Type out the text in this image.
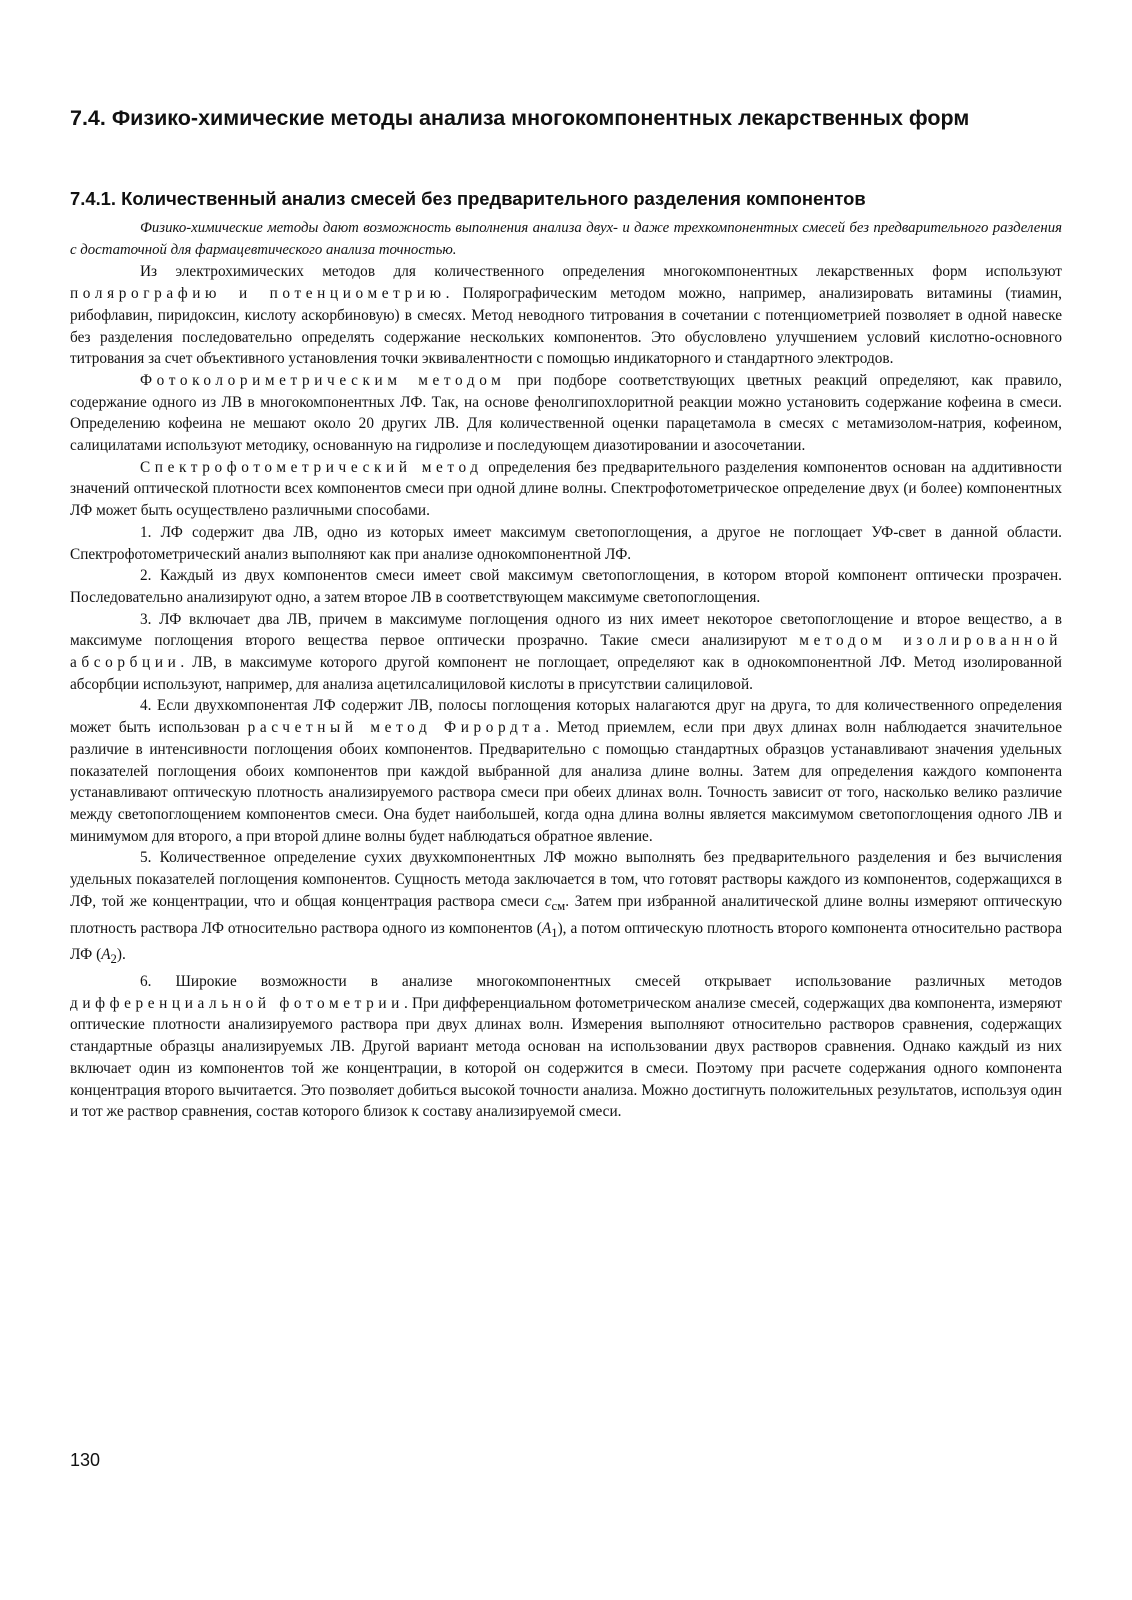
7.4. Физико-химические методы анализа многокомпонентных лекарственных форм
7.4.1. Количественный анализ смесей без предварительного разделения компонентов

Физико-химические методы дают возможность выполнения анализа двух- и даже трехкомпонентных смесей без предварительного разделения с достаточной для фармацевтического анализа точностью.

Из электрохимических методов для количественного определения многокомпонентных лекарственных форм используют полярографию и потенциометрию. Полярографическим методом можно, например, анализировать витамины (тиамин, рибофлавин, пиридоксин, кислоту аскорбиновую) в смесях. Метод неводного титрования в сочетании с потенциометрией позволяет в одной навеске без разделения последовательно определять содержание нескольких компонентов. Это обусловлено улучшением условий кислотно-основного титрования за счет объективного установления точки эквивалентности с помощью индикаторного и стандартного электродов.

Фотоколориметрическим методом при подборе соответствующих цветных реакций определяют, как правило, содержание одного из ЛВ в многокомпонентных ЛФ. Так, на основе фенолгипохлоритной реакции можно установить содержание кофеина в смеси. Определению кофеина не мешают около 20 других ЛВ. Для количественной оценки парацетамола в смесях с метамизолом-натрия, кофеином, салицилатами используют методику, основанную на гидролизе и последующем диазотировании и азосочетании.

Спектрофотометрический метод определения без предварительного разделения компонентов основан на аддитивности значений оптической плотности всех компонентов смеси при одной длине волны. Спектрофотометрическое определение двух (и более) компонентных ЛФ может быть осуществлено различными способами.

1. ЛФ содержит два ЛВ, одно из которых имеет максимум светопоглощения, а другое не поглощает УФ-свет в данной области. Спектрофотометрический анализ выполняют как при анализе однокомпонентной ЛФ.

2. Каждый из двух компонентов смеси имеет свой максимум светопоглощения, в котором второй компонент оптически прозрачен. Последовательно анализируют одно, а затем второе ЛВ в соответствующем максимуме светопоглощения.

3. ЛФ включает два ЛВ, причем в максимуме поглощения одного из них имеет некоторое светопоглощение и второе вещество, а в максимуме поглощения второго вещества первое оптически прозрачно. Такие смеси анализируют методом изолированной абсорбции. ЛВ, в максимуме которого другой компонент не поглощает, определяют как в однокомпонентной ЛФ. Метод изолированной абсорбции используют, например, для анализа ацетилсалициловой кислоты в присутствии салициловой.

4. Если двухкомпонентая ЛФ содержит ЛВ, полосы поглощения которых налагаются друг на друга, то для количественного определения может быть использован расчетный метод Фирордта. Метод приемлем, если при двух длинах волн наблюдается значительное различие в интенсивности поглощения обоих компонентов. Предварительно с помощью стандартных образцов устанавливают значения удельных показателей поглощения обоих компонентов при каждой выбранной для анализа длине волны. Затем для определения каждого компонента устанавливают оптическую плотность анализируемого раствора смеси при обеих длинах волн. Точность зависит от того, насколько велико различие между светопоглощением компонентов смеси. Она будет наибольшей, когда одна длина волны является максимумом светопоглощения одного ЛВ и минимумом для второго, а при второй длине волны будет наблюдаться обратное явление.

5. Количественное определение сухих двухкомпонентных ЛФ можно выполнять без предварительного разделения и без вычисления удельных показателей поглощения компонентов. Сущность метода заключается в том, что готовят растворы каждого из компонентов, содержащихся в ЛФ, той же концентрации, что и общая концентрация раствора смеси $c_{см}$. Затем при избранной аналитической длине волны измеряют оптическую плотность раствора ЛФ относительно раствора одного из компонентов $(A_1)$, а потом оптическую плотность второго компонента относительно раствора ЛФ $(A_2)$.

6. Широкие возможности в анализе многокомпонентных смесей открывает использование различных методов дифференциальной фотометрии. При дифференциальном фотометрическом анализе смесей, содержащих два компонента, измеряют оптические плотности анализируемого раствора при двух длинах волн. Измерения выполняют относительно растворов сравнения, содержащих стандартные образцы анализируемых ЛВ. Другой вариант метода основан на использовании двух растворов сравнения. Однако каждый из них включает один из компонентов той же концентрации, в которой он содержится в смеси. Поэтому при расчете содержания одного компонента концентрация второго вычитается. Это позволяет добиться высокой точности анализа. Можно достигнуть положительных результатов, используя один и тот же раствор сравнения, состав которого близок к составу анализируемой смеси.

130
